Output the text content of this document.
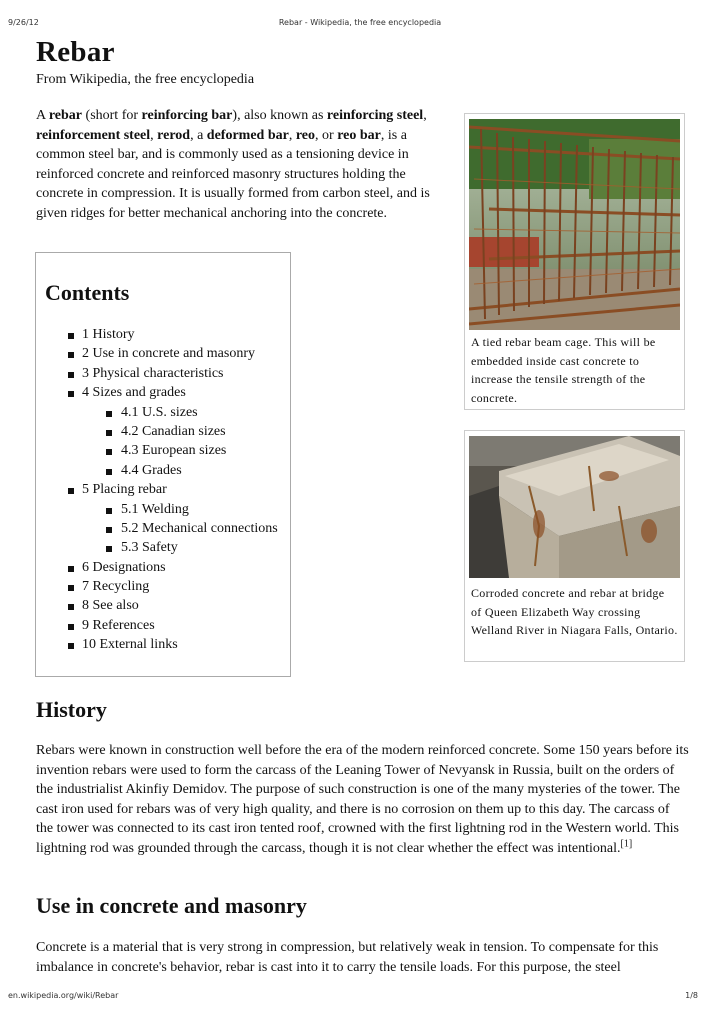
9/26/12	Rebar - Wikipedia, the free encyclopedia
Rebar
From Wikipedia, the free encyclopedia

A rebar (short for reinforcing bar), also known as reinforcing steel, reinforcement steel, rerod, a deformed bar, reo, or reo bar, is a common steel bar, and is commonly used as a tensioning device in reinforced concrete and reinforced masonry structures holding the concrete in compression. It is usually formed from carbon steel, and is given ridges for better mechanical anchoring into the concrete.

Contents
1 History
2 Use in concrete and masonry
3 Physical characteristics
4 Sizes and grades
4.1 U.S. sizes
4.2 Canadian sizes
4.3 European sizes
4.4 Grades
5 Placing rebar
5.1 Welding
5.2 Mechanical connections
5.3 Safety
6 Designations
7 Recycling
8 See also
9 References
10 External links

A tied rebar beam cage. This will be embedded inside cast concrete to increase the tensile strength of the concrete.

Corroded concrete and rebar at bridge of Queen Elizabeth Way crossing Welland River in Niagara Falls, Ontario.

History

Rebars were known in construction well before the era of the modern reinforced concrete. Some 150 years before its invention rebars were used to form the carcass of the Leaning Tower of Nevyansk in Russia, built on the orders of the industrialist Akinfiy Demidov. The purpose of such construction is one of the many mysteries of the tower. The cast iron used for rebars was of very high quality, and there is no corrosion on them up to this day. The carcass of the tower was connected to its cast iron tented roof, crowned with the first lightning rod in the Western world. This lightning rod was grounded through the carcass, though it is not clear whether the effect was intentional.[1]

Use in concrete and masonry

Concrete is a material that is very strong in compression, but relatively weak in tension. To compensate for this imbalance in concrete's behavior, rebar is cast into it to carry the tensile loads. For this purpose, the steel

en.wikipedia.org/wiki/Rebar	1/8
